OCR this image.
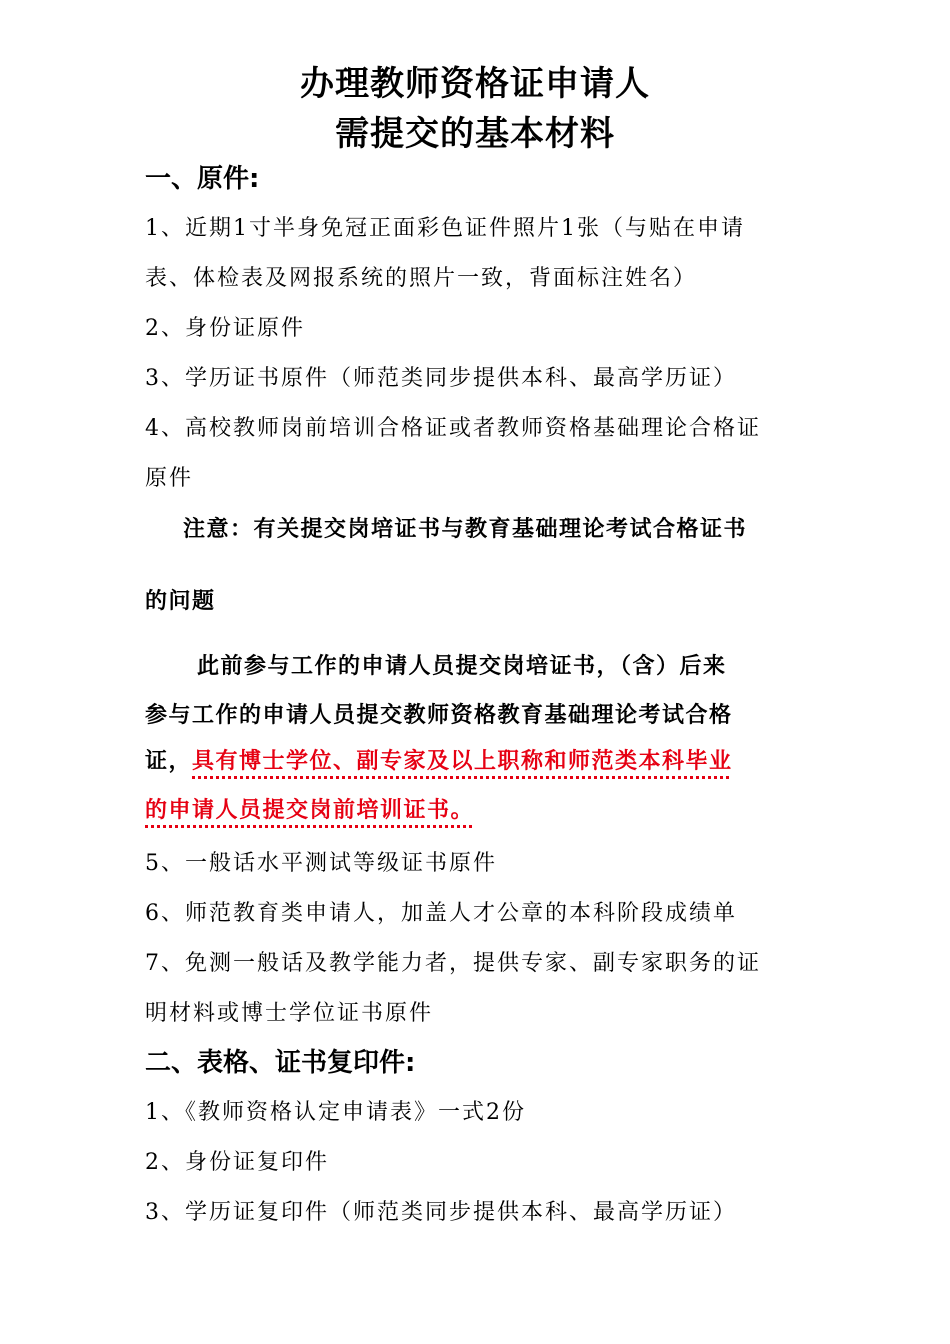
办理教师资格证申请人
需提交的基本材料
一、原件:
1、近期1寸半身免冠正面彩色证件照片1张（与贴在申请
表、体检表及网报系统的照片一致，背面标注姓名）
2、身份证原件
3、学历证书原件（师范类同步提供本科、最高学历证）
4、高校教师岗前培训合格证或者教师资格基础理论合格证
原件
注意：有关提交岗培证书与教育基础理论考试合格证书
的问题
此前参与工作的申请人员提交岗培证书，（含）后来
参与工作的申请人员提交教师资格教育基础理论考试合格
证，具有博士学位、副专家及以上职称和师范类本科毕业
的申请人员提交岗前培训证书。
5、一般话水平测试等级证书原件
6、师范教育类申请人，加盖人才公章的本科阶段成绩单
7、免测一般话及教学能力者，提供专家、副专家职务的证
明材料或博士学位证书原件
二、表格、证书复印件:
1、《教师资格认定申请表》一式2份
2、身份证复印件
3、学历证复印件（师范类同步提供本科、最高学历证）
